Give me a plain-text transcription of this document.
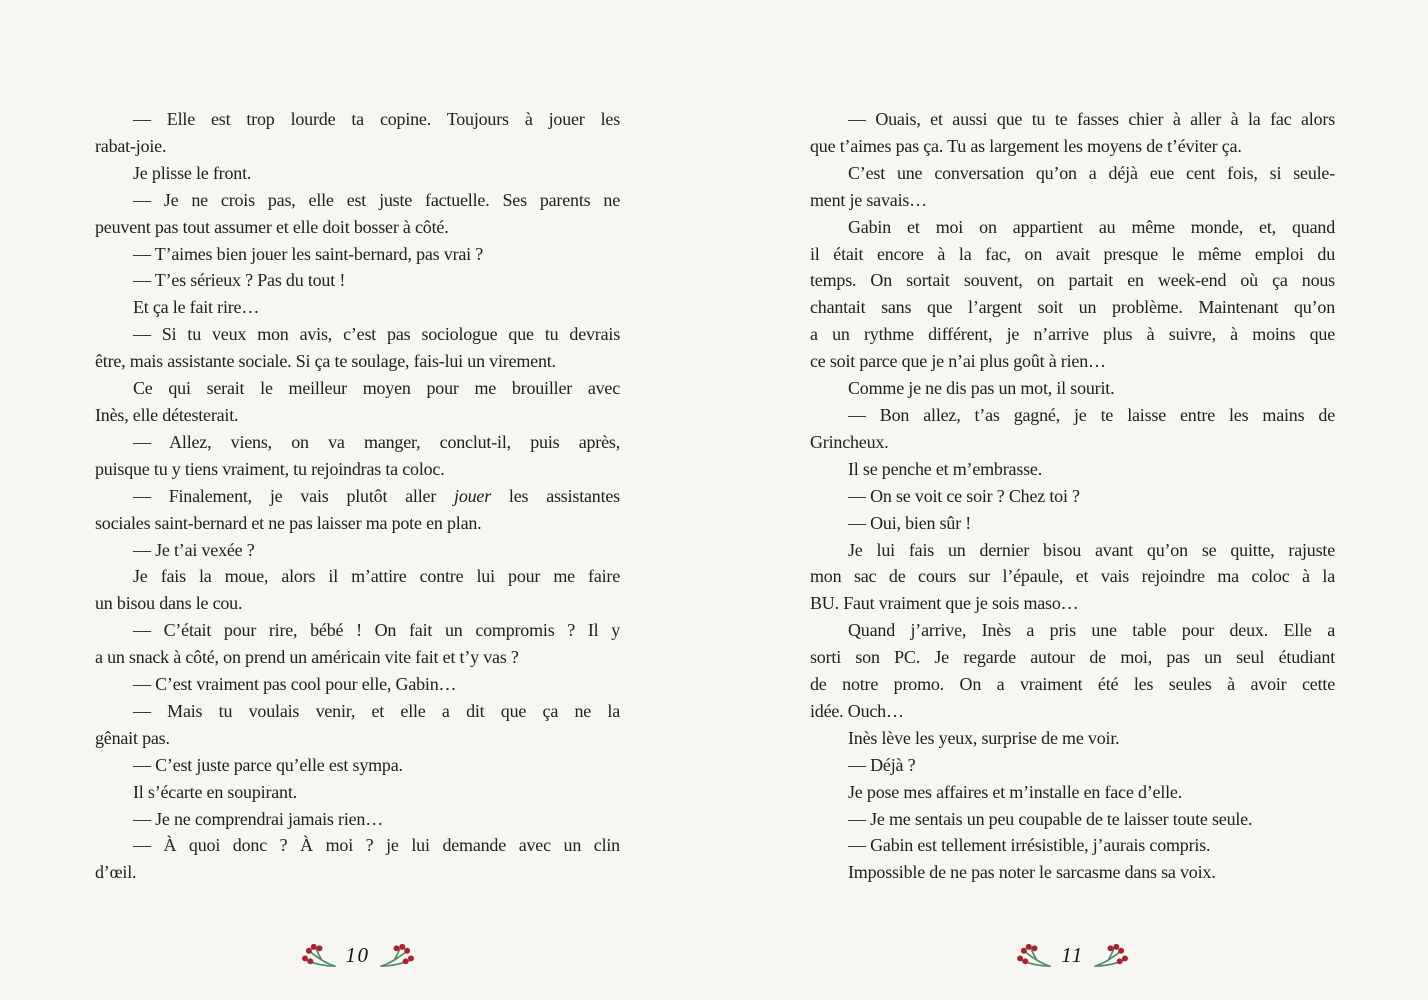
— Elle est trop lourde ta copine. Toujours à jouer les
rabat-joie.
Je plisse le front.
— Je ne crois pas, elle est juste factuelle. Ses parents ne
peuvent pas tout assumer et elle doit bosser à côté.
— T’aimes bien jouer les saint-bernard, pas vrai ?
— T’es sérieux ? Pas du tout !
Et ça le fait rire…
— Si tu veux mon avis, c’est pas sociologue que tu devrais
être, mais assistante sociale. Si ça te soulage, fais-lui un virement.
Ce qui serait le meilleur moyen pour me brouiller avec
Inès, elle détesterait.
— Allez, viens, on va manger, conclut-il, puis après,
puisque tu y tiens vraiment, tu rejoindras ta coloc.
— Finalement, je vais plutôt aller jouer les assistantes
sociales saint-bernard et ne pas laisser ma pote en plan.
— Je t’ai vexée ?
Je fais la moue, alors il m’attire contre lui pour me faire
un bisou dans le cou.
— C’était pour rire, bébé ! On fait un compromis ? Il y
a un snack à côté, on prend un américain vite fait et t’y vas ?
— C’est vraiment pas cool pour elle, Gabin…
— Mais tu voulais venir, et elle a dit que ça ne la
gênait pas.
— C’est juste parce qu’elle est sympa.
Il s’écarte en soupirant.
— Je ne comprendrai jamais rien…
— À quoi donc ? À moi ? je lui demande avec un clin
d’œil.
— Ouais, et aussi que tu te fasses chier à aller à la fac alors
que t’aimes pas ça. Tu as largement les moyens de t’éviter ça.
C’est une conversation qu’on a déjà eue cent fois, si seule-
ment je savais…
Gabin et moi on appartient au même monde, et, quand
il était encore à la fac, on avait presque le même emploi du
temps. On sortait souvent, on partait en week-end où ça nous
chantait sans que l’argent soit un problème. Maintenant qu’on
a un rythme différent, je n’arrive plus à suivre, à moins que
ce soit parce que je n’ai plus goût à rien…
Comme je ne dis pas un mot, il sourit.
— Bon allez, t’as gagné, je te laisse entre les mains de
Grincheux.
Il se penche et m’embrasse.
— On se voit ce soir ? Chez toi ?
— Oui, bien sûr !
Je lui fais un dernier bisou avant qu’on se quitte, rajuste
mon sac de cours sur l’épaule, et vais rejoindre ma coloc à la
BU. Faut vraiment que je sois maso…
Quand j’arrive, Inès a pris une table pour deux. Elle a
sorti son PC. Je regarde autour de moi, pas un seul étudiant
de notre promo. On a vraiment été les seules à avoir cette
idée. Ouch…
Inès lève les yeux, surprise de me voir.
— Déjà ?
Je pose mes affaires et m’installe en face d’elle.
— Je me sentais un peu coupable de te laisser toute seule.
— Gabin est tellement irrésistible, j’aurais compris.
Impossible de ne pas noter le sarcasme dans sa voix.
10	11
